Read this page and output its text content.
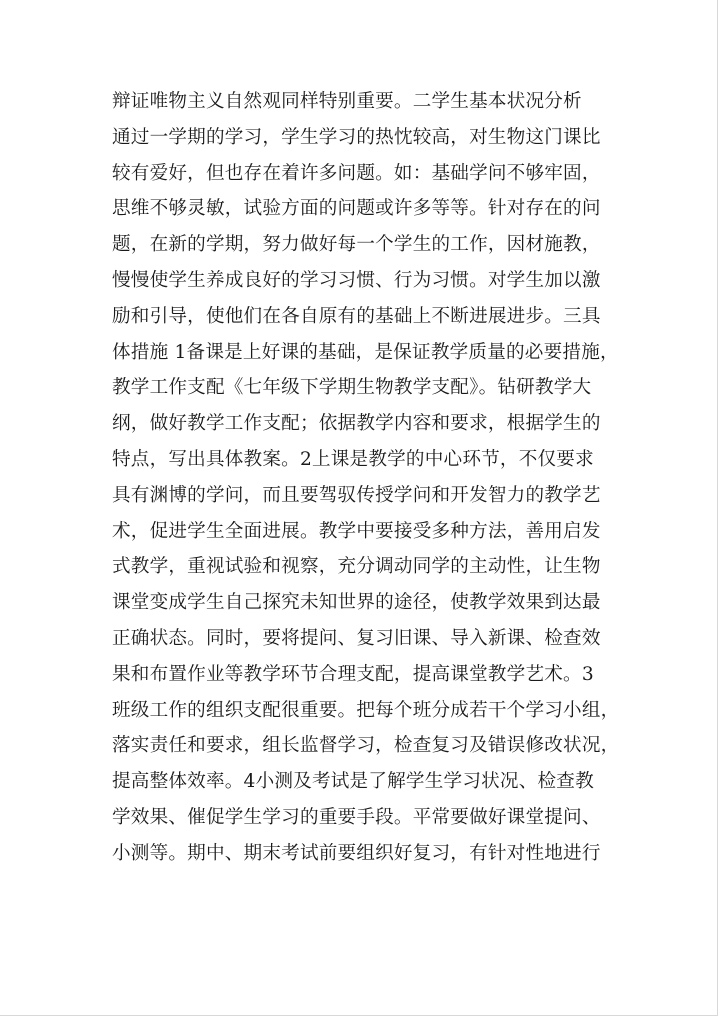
辩证唯物主义自然观同样特别重要。二学生基本状况分析
通过一学期的学习，学生学习的热忱较高，对生物这门课比
较有爱好，但也存在着许多问题。如：基础学问不够牢固，
思维不够灵敏，试验方面的问题或许多等等。针对存在的问
题，在新的学期，努力做好每一个学生的工作，因材施教，
慢慢使学生养成良好的学习习惯、行为习惯。对学生加以激
励和引导，使他们在各自原有的基础上不断进展进步。三具
体措施 1备课是上好课的基础，是保证教学质量的必要措施，
教学工作支配《七年级下学期生物教学支配》。钻研教学大
纲，做好教学工作支配；依据教学内容和要求，根据学生的
特点，写出具体教案。2上课是教学的中心环节，不仅要求
具有渊博的学问，而且要驾驭传授学问和开发智力的教学艺
术，促进学生全面进展。教学中要接受多种方法，善用启发
式教学，重视试验和视察，充分调动同学的主动性，让生物
课堂变成学生自己探究未知世界的途径，使教学效果到达最
正确状态。同时，要将提问、复习旧课、导入新课、检查效
果和布置作业等教学环节合理支配，提高课堂教学艺术。3
班级工作的组织支配很重要。把每个班分成若干个学习小组，
落实责任和要求，组长监督学习，检查复习及错误修改状况，
提高整体效率。4小测及考试是了解学生学习状况、检查教
学效果、催促学生学习的重要手段。平常要做好课堂提问、
小测等。期中、期末考试前要组织好复习，有针对性地进行
